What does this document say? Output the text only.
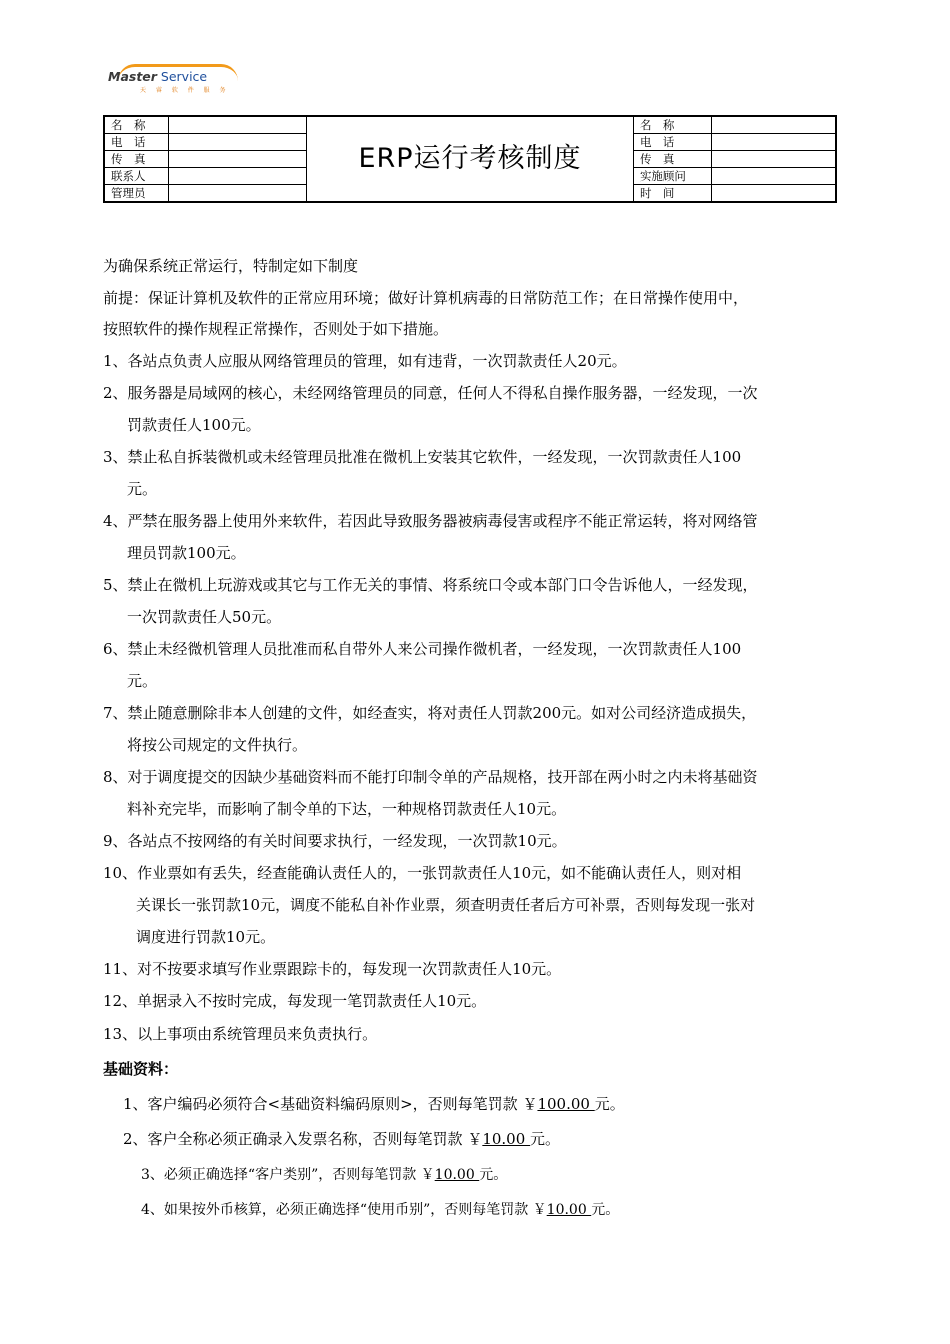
Master Service
天 睿 软 件 服 务
名　称		ERP运行考核制度	名　称	
电　话			电　话	
传　真			传　真	
联系人			实施顾问	
管理员			时　间	
为确保系统正常运行，特制定如下制度
前提：保证计算机及软件的正常应用环境；做好计算机病毒的日常防范工作；在日常操作使用中，
按照软件的操作规程正常操作，否则处于如下措施。
1、各站点负责人应服从网络管理员的管理，如有违背，一次罚款责任人20元。
2、服务器是局域网的核心，未经网络管理员的同意，任何人不得私自操作服务器，一经发现，一次
罚款责任人100元。
3、禁止私自拆装微机或未经管理员批准在微机上安装其它软件，一经发现，一次罚款责任人100
元。
4、严禁在服务器上使用外来软件，若因此导致服务器被病毒侵害或程序不能正常运转，将对网络管
理员罚款100元。
5、禁止在微机上玩游戏或其它与工作无关的事情、将系统口令或本部门口令告诉他人，一经发现，
一次罚款责任人50元。
6、禁止未经微机管理人员批准而私自带外人来公司操作微机者，一经发现，一次罚款责任人100
元。
7、禁止随意删除非本人创建的文件，如经查实，将对责任人罚款200元。如对公司经济造成损失，
将按公司规定的文件执行。
8、对于调度提交的因缺少基础资料而不能打印制令单的产品规格，技开部在两小时之内未将基础资
料补充完毕，而影响了制令单的下达，一种规格罚款责任人10元。
9、各站点不按网络的有关时间要求执行，一经发现，一次罚款10元。
10、作业票如有丢失，经查能确认责任人的，一张罚款责任人10元，如不能确认责任人，则对相
关课长一张罚款10元，调度不能私自补作业票，须查明责任者后方可补票，否则每发现一张对
调度进行罚款10元。
11、对不按要求填写作业票跟踪卡的，每发现一次罚款责任人10元。
12、单据录入不按时完成，每发现一笔罚款责任人10元。
13、以上事项由系统管理员来负责执行。
基础资料：
1、客户编码必须符合<基础资料编码原则>，否则每笔罚款 ￥100.00 元。
2、客户全称必须正确录入发票名称，否则每笔罚款 ￥10.00 元。
3、必须正确选择“客户类别”，否则每笔罚款 ￥10.00 元。
4、如果按外币核算，必须正确选择“使用币别”，否则每笔罚款 ￥10.00 元。
